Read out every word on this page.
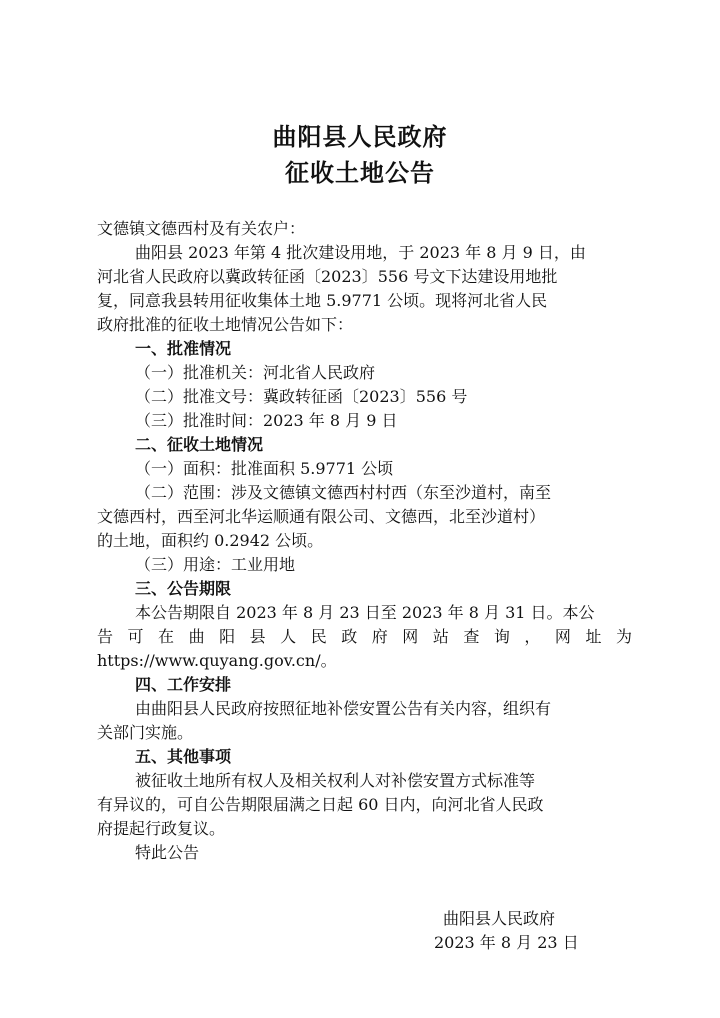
曲阳县人民政府
征收土地公告
文德镇文德西村及有关农户：
曲阳县 2023 年第 4 批次建设用地，于 2023 年 8 月 9 日，由
河北省人民政府以冀政转征函〔2023〕556 号文下达建设用地批
复，同意我县转用征收集体土地 5.9771 公顷。现将河北省人民
政府批准的征收土地情况公告如下：
一、批准情况
（一）批准机关：河北省人民政府
（二）批准文号：冀政转征函〔2023〕556 号
（三）批准时间：2023 年 8 月 9 日
二、征收土地情况
（一）面积：批准面积 5.9771 公顷
（二）范围：涉及文德镇文德西村村西（东至沙道村，南至
文德西村，西至河北华运顺通有限公司、文德西，北至沙道村）
的土地，面积约 0.2942 公顷。
（三）用途：工业用地
三、公告期限
本公告期限自 2023 年 8 月 23 日至 2023 年 8 月 31 日。本公
告可在曲阳县人民政府网站查询，网址为
https://www.quyang.gov.cn/。
四、工作安排
由曲阳县人民政府按照征地补偿安置公告有关内容，组织有
关部门实施。
五、其他事项
被征收土地所有权人及相关权利人对补偿安置方式标准等
有异议的，可自公告期限届满之日起 60 日内，向河北省人民政
府提起行政复议。
特此公告
曲阳县人民政府
2023 年 8 月 23 日
